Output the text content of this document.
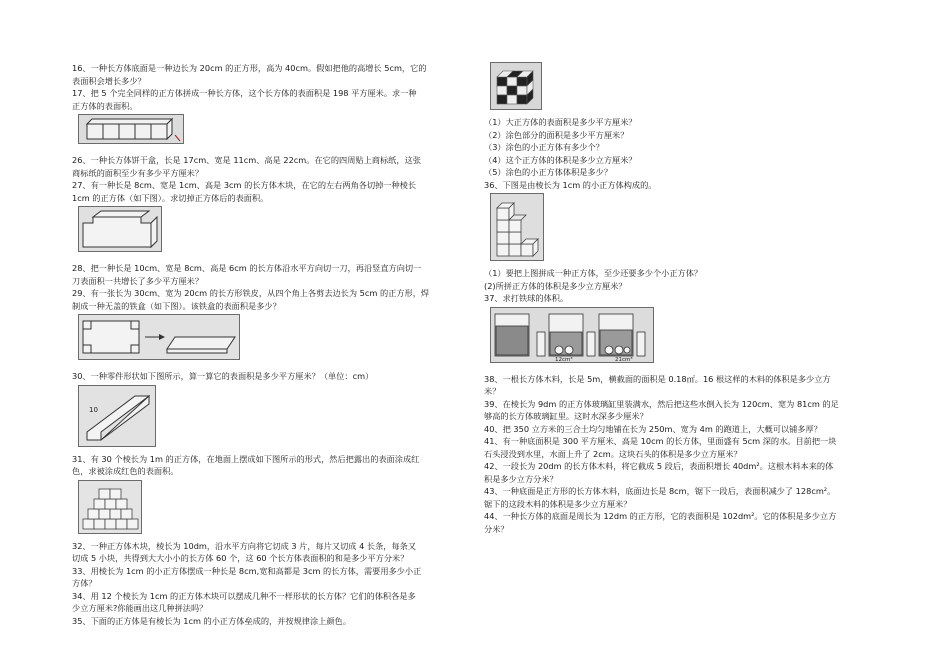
16、一种长方体底面是一种边长为 20cm 的正方形，高为 40cm。假如把他的高增长 5cm，它的

表面积会增长多少？

17、把 5 个完全同样的正方体拼成一种长方体，这个长方体的表面积是 198 平方厘米。求一种

正方体的表面积。

26、一种长方体饼干盒，长是 17cm、宽是 11cm、高是 22cm。在它的四周贴上商标纸，这张

商标纸的面积至少有多少平方厘米？

27、有一种长是 8cm、宽是 1cm、高是 3cm 的长方体木块，在它的左右两角各切掉一种棱长

1cm 的正方体（如下图）。求切掉正方体后的表面积。

28、把一种长是 10cm、宽是 8cm、高是 6cm 的长方体沿水平方向切一刀，再沿竖直方向切一

刀表面积一共增长了多少平方厘米？

29、有一张长为 30cm、宽为 20cm 的长方形铁皮，从四个角上各剪去边长为 5cm 的正方形，焊

制成一种无盖的铁盒（如下图）。该铁盒的表面积是多少？

30、一种零件形状如下图所示，算一算它的表面积是多少平方厘米？（单位：cm）

10

31、有 30 个棱长为 1m 的正方体，在地面上摆成如下图所示的形式，然后把露出的表面涂成红

色，求被涂成红色的表面积。

32、一种正方体木块，棱长为 10dm，沿水平方向将它切成 3 片，每片又切成 4 长条，每条又

切成 5 小块，共得到大大小小的长方体 60 个，这 60 个长方体表面积的和是多少平方分米？

33、用棱长为 1cm 的小正方体摆成一种长是 8cm,宽和高都是 3cm 的长方体，需要用多少小正

方体？

34、用 12 个棱长为 1cm 的正方体木块可以摆成几种不一样形状的长方体？它们的体积各是多

少立方厘米?你能画出这几种拼法吗？

35、下面的正方体是有棱长为 1cm 的小正方体垒成的，并按规律涂上颜色。

（1）大正方体的表面积是多少平方厘米？

（2）涂色部分的面积是多少平方厘米？

（3）涂色的小正方体有多少个？

（4）这个正方体的体积是多少立方厘米？

（5）涂色的小正方体体积是多少？

36、下图是由棱长为 1cm 的小正方体构成的。

（1）要把上图拼成一种正方体，至少还要多少个小正方体？

(2)所拼正方体的体积是多少立方厘米？

37、求打铁球的体积。

12cm³	21cm³

38、一根长方体木料，长是 5m，横截面的面积是 0.18㎡。16 根这样的木料的体积是多少立方

米？

39、在棱长为 9dm 的正方体玻璃缸里装满水，然后把这些水倒入长为 120cm、宽为 81cm 的足

够高的长方体玻璃缸里。这时水深多少厘米？

40、把 350 立方米的三合土均匀地铺在长为 250m、宽为 4m 的跑道上，大概可以铺多厚？

41、有一种底面积是 300 平方厘米、高是 10cm 的长方体，里面盛有 5cm 深的水。目前把一块

石头浸没到水里，水面上升了 2cm。这块石头的体积是多少立方厘米？

42、一段长为 20dm 的长方体木料，将它截成 5 段后，表面积增长 40dm²。这根木料本来的体

积是多少立方分米？

43、一种底面是正方形的长方体木料，底面边长是 8cm，锯下一段后，表面积减少了 128cm²。

锯下的这段木料的体积是多少立方厘米？

44、一种长方体的底面是周长为 12dm 的正方形，它的表面积是 102dm²。它的体积是多少立方

分米？
